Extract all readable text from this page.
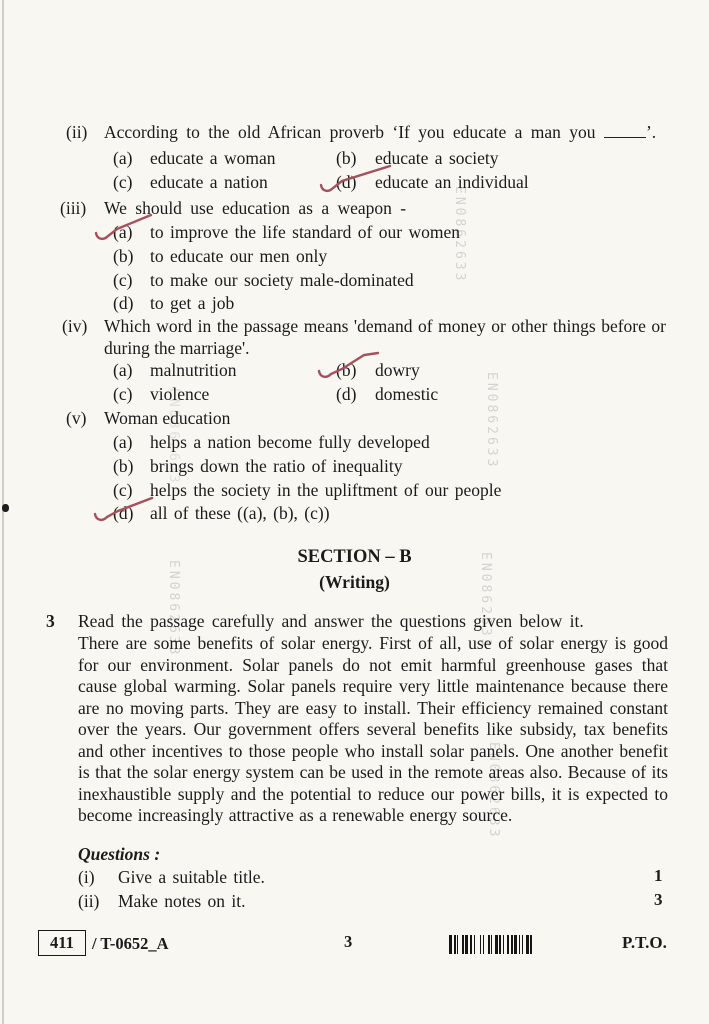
EN0862633
EN0862633
EN0862633
EN0862633	EN0862633
EN0862633
(ii) According to the old African proverb ‘If you educate a man you	’.
(a) educate a woman	(b) educate a society
(c) educate a nation	(d) educate an individual
(iii) We should use education as a weapon -
(a) to improve the life standard of our women
(b) to educate our men only
(c) to make our society male-dominated
(d) to get a job
(iv) Which word in the passage means 'demand of money or other things before or during the marriage'.
(a) malnutrition	(b) dowry
(c) violence	(d) domestic
(v) Woman education
(a) helps a nation become fully developed
(b) brings down the ratio of inequality
(c) helps the society in the upliftment of our people
(d) all of these ((a), (b), (c))
SECTION – B
(Writing)
3 Read the passage carefully and answer the questions given below it.
There are some benefits of solar energy. First of all, use of solar energy is good for our environment. Solar panels do not emit harmful greenhouse gases that cause global warming. Solar panels require very little maintenance because there are no moving parts. They are easy to install. Their efficiency remained constant over the years. Our government offers several benefits like subsidy, tax benefits and other incentives to those people who install solar panels. One another benefit is that the solar energy system can be used in the remote areas also. Because of its inexhaustible supply and the potential to reduce our power bills, it is expected to become increasingly attractive as a renewable energy source.
Questions :
(i) Give a suitable title.	1
(ii) Make notes on it.	3
411	/ T-0652_A	3	P.T.O.
